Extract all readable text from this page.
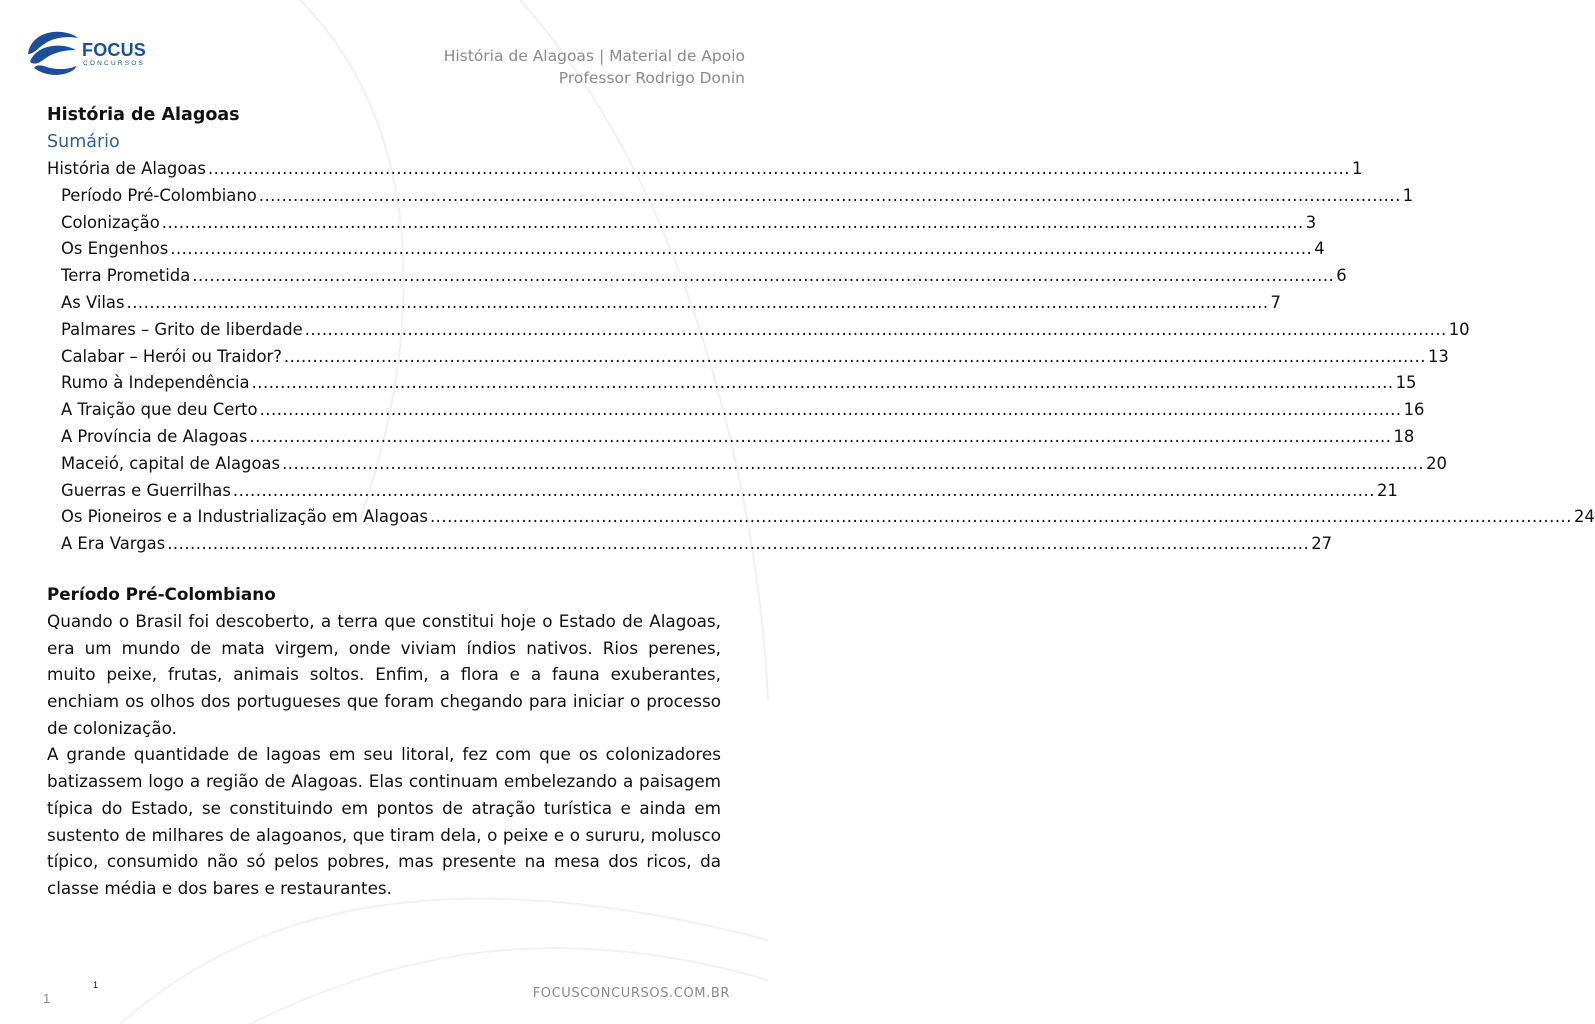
FOCUS
CONCURSOS	História de Alagoas | Material de Apoio
Professor Rodrigo Donin
História de Alagoas
Sumário
História de Alagoas ........................................................................................................................................................................................................ 1
Período Pré-Colombiano ........................................................................................................................................................................................................ 1
Colonização ........................................................................................................................................................................................................ 3
Os Engenhos ........................................................................................................................................................................................................ 4
Terra Prometida ........................................................................................................................................................................................................ 6
As Vilas ........................................................................................................................................................................................................ 7
Palmares – Grito de liberdade ........................................................................................................................................................................................................ 10
Calabar – Herói ou Traidor? ........................................................................................................................................................................................................ 13
Rumo à Independência ........................................................................................................................................................................................................ 15
A Traição que deu Certo ........................................................................................................................................................................................................ 16
A Província de Alagoas ........................................................................................................................................................................................................ 18
Maceió, capital de Alagoas ........................................................................................................................................................................................................ 20
Guerras e Guerrilhas ........................................................................................................................................................................................................ 21
Os Pioneiros e a Industrialização em Alagoas ........................................................................................................................................................................................................ 24
A Era Vargas ........................................................................................................................................................................................................ 27
Período Pré-Colombiano

Quando o Brasil foi descoberto, a terra que constitui hoje o Estado de Alagoas, era um mundo de mata virgem, onde viviam índios nativos. Rios perenes, muito peixe, frutas, animais soltos. Enfim, a flora e a fauna exuberantes, enchiam os olhos dos portugueses que foram chegando para iniciar o processo de colonização.

A grande quantidade de lagoas em seu litoral, fez com que os colonizadores batizassem logo a região de Alagoas. Elas continuam embelezando a paisagem típica do Estado, se constituindo em pontos de atração turística e ainda em sustento de milhares de alagoanos, que tiram dela, o peixe e o sururu, molusco típico, consumido não só pelos pobres, mas presente na mesa dos ricos, da classe média e dos bares e restaurantes.

1
1	FOCUSCONCURSOS.COM.BR
